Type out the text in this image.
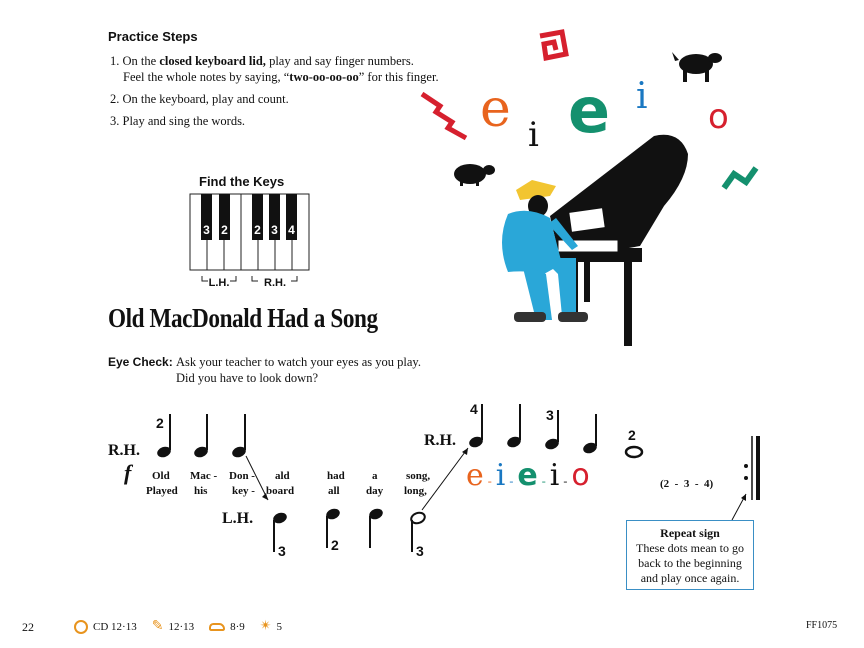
Practice Steps
1. On the closed keyboard lid, play and say finger numbers.
Feel the whole notes by saying, “two-oo-oo-oo” for this finger.
2. On the keyboard, play and count.
3. Play and sing the words.
Find the Keys
3 2 2 3 4
L.H.	R.H.
e i e i o
Old MacDonald Had a Song
Eye Check: Ask your teacher to watch your eyes as you play.
Did you have to look down?
R.H.
f
L.H.
R.H.
2
3	2	3
4	3
2
Old Mac - Don - ald	had a	song,
Played his key - board	all day long, e - i - e - i - o	(2  -  3  -  4)
Repeat sign
These dots mean to go
back to the beginning
and play once again.
22	CD 12·13 ✎ 12·13	8·9 ✴ 5	FF1075
